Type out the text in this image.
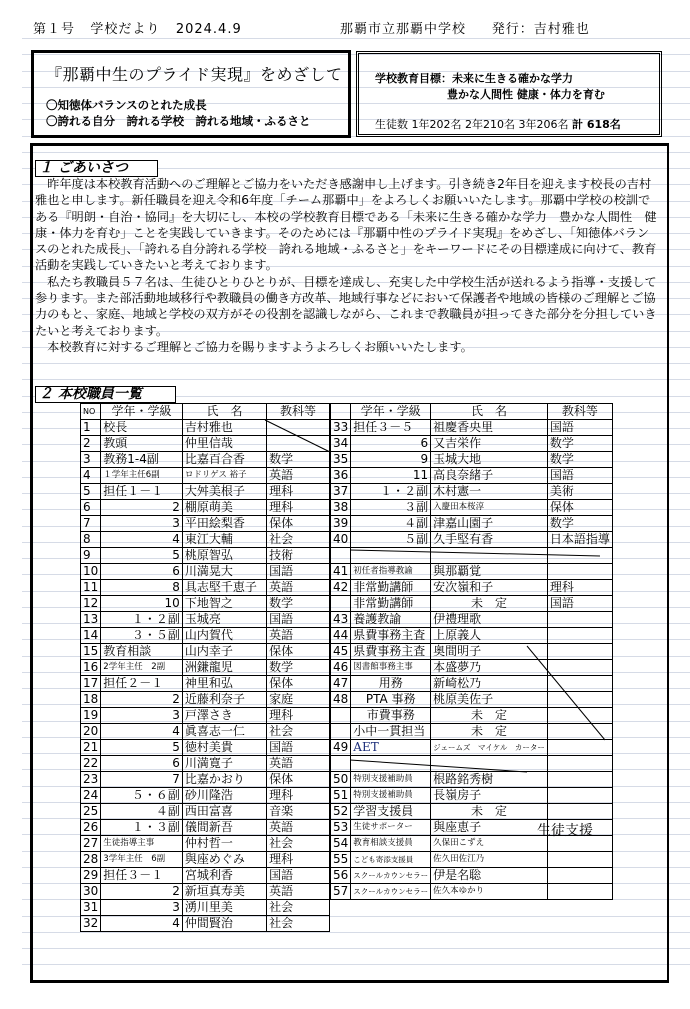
第１号 学校だより 2024.4.9	那覇市立那覇中学校 発行：吉村雅也
『那覇中生のプライド実現』をめざして
〇知徳体バランスのとれた成長
〇誇れる自分　誇れる学校　誇れる地域・ふるさと
学校教育目標：未来に生きる確かな学力
豊かな人間性 健康・体力を育む
生徒数 1年202名 2年210名 3年206名 計 618名
１ ごあいさつ

　昨年度は本校教育活動へのご理解とご協力をいただき感謝申し上げます。引き続き2年目を迎えます校長の吉村雅也と申します。新任職員を迎え令和6年度「チーム那覇中」をよろしくお願いいたします。那覇中学校の校訓である『明朗・自治・協同』を大切にし、本校の学校教育目標である「未来に生きる確かな学力　豊かな人間性　健康・体力を育む」ことを実践していきます。そのためには『那覇中性のプライド実現』をめざし、「知徳体バランスのとれた成長」、「誇れる自分誇れる学校　誇れる地域・ふるさと」をキーワードにその目標達成に向けて、教育活動を実践していきたいと考えております。

　私たち教職員５７名は、生徒ひとりひとりが、目標を達成し、充実した中学校生活が送れるよう指導・支援して参ります。また部活動地域移行や教職員の働き方改革、地域行事などにおいて保護者や地域の皆様のご理解とご協力のもと、家庭、地域と学校の双方がその役割を認識しながら、これまで教職員が担ってきた部分を分担していきたいと考えております。

　本校教育に対するご理解とご協力を賜りますようよろしくお願いいたします。

２ 本校職員一覧
NO	学年・学級	氏　名	教科等
1	校長	吉村雅也	
2	教頭	仲里信哉	
3	教務1-4副	比嘉百合香	数学
4	１学年主任6副	ロドリゲス 裕子	英語
5	担任１－１	大舛美根子	理科
6	2	棚原萌美	理科
7	3	平田絵梨香	保体
8	4	東江大輔	社会
9	5	桃原智弘	技術
10	6	川満晃大	国語
11	8	具志堅千恵子	英語
12	10	下地智之	数学
13	１・２副	玉城亮	国語
14	３・５副	山内賀代	英語
15	教育相談	山内幸子	保体
16	2学年主任　2副	洲鎌龍児	数学
17	担任２－１	神里和弘	保体
18	2	近藤利奈子	家庭
19	3	戸澤さき	理科
20	4	眞喜志一仁	社会
21	5	徳村美貴	国語
22	6	川満寛子	英語
23	7	比嘉かおり	保体
24	５・６副	砂川隆浩	理科
25	４副	西田富喜	音楽
26	１・３副	儀間新吾	英語
27	生徒指導主事	仲村哲一	社会
28	3学年主任　6副	與座めぐみ	理科
29	担任３－１	宮城利香	国語
30	2	新垣真寿美	英語
31	3	湧川里美	社会
32	4	仲間賢治	社会
	学年・学級	氏　名	教科等
33	担任３－５	祖慶香央里	国語
34	6	又吉栄作	数学
35	9	玉城大地	数学
36	11	高良奈緒子	国語
37	１・２副	木村憲一	美術
38	３副	入慶田本桜淳	保体
39	４副	津嘉山園子	数学
40	５副	久手堅有香	日本語指導

41	初任者指導教諭	與那覇覚	
42	非常勤講師	安次嶺和子	理科
	非常勤講師	未　定	国語
43	養護教諭	伊禮理歌	
44	県費事務主査	上原義人	
45	県費事務主査	奥間明子	
46	図書館事務主事	本盛夢乃	
47	用務	新崎松乃	
48	PTA 事務	桃原美佐子	
	市費事務	未　定	
	小中一貫担当	未　定	
49	AET	ジェームズ　マイケル　カーター	

50	特別支援補助員	根路銘秀樹	
51	特別支援補助員	長嶺房子	
52	学習支援員	未　定	
53	生徒サポーター	與座恵子	
54	教育相談支援員	久保田こずえ	
55	こども寄添支援員	佐久田佐江乃	
56	スクールカウンセラー	伊是名聡	
57	スクールカウンセラー	佐久本ゆかり	
生徒支援
